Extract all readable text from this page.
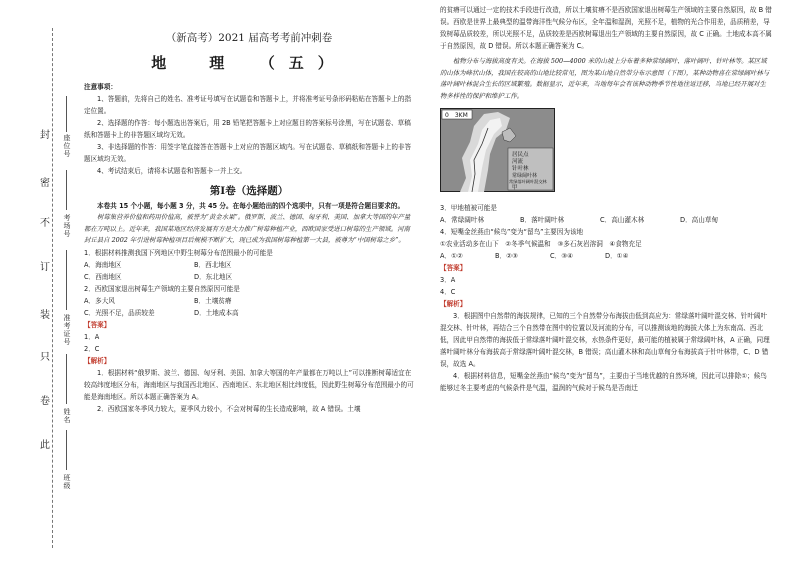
封
密
不
订
装
只
卷
此
座位号
考场号
准考证号
姓名
班级
（新高考）2021 届高考考前冲刺卷
地　理　（五）

注意事项：

1、答题前，先将自己的姓名、准考证号填写在试题卷和答题卡上，并将准考证号条形码粘贴在答题卡上的指定位置。

2、选择题的作答：每小题选出答案后，用 2B 铅笔把答题卡上对应题目的答案标号涂黑，写在试题卷、草稿纸和答题卡上的非答题区域均无效。

3、非选择题的作答：用签字笔直接答在答题卡上对应的答题区域内。写在试题卷、草稿纸和答题卡上的非答题区域均无效。

4、考试结束后，请将本试题卷和答题卡一并上交。

第Ⅰ卷（选择题）

本卷共 15 个小题，每小题 3 分，共 45 分。在每小题给出的四个选项中，只有一项是符合题目要求的。

树莓集营养价值和药用价值高，被誉为“黄金水果”。俄罗斯、波兰、德国、匈牙利、美国、加拿大等国的年产量都在万吨以上。近年来，我国某地区经济发展有方是大力推广树莓种植产业，西欧国家受进口树莓的生产领域。河南封丘县自 2002 年引进树莓种植项目后规模不断扩大，现已成为我国树莓种植第一大县，被尊为“中国树莓之乡”。

1．根据材料推测我国下列地区中野生树莓分布范围最小的可能是

A．海南地区	B．西北地区
C．西南地区	D．东北地区

2．西欧国家退出树莓生产领域的主要自然原因可能是

A．多大风	B．土壤贫瘠
C．光照不足，品质较差	D．土地成本高

【答案】

1．A

2．C

【解析】

1．根据材料“俄罗斯、波兰、德国、匈牙利、美国、加拿大等国的年产量都在万吨以上”可以推断树莓适宜在较高纬度地区分布，海南地区与我国西北地区、西南地区、东北地区相比纬度低，因此野生树莓分布范围最小的可能是海南地区。所以本题正确答案为 A。

2．西欧国家冬季风力较大，夏季风力较小，不会对树莓的生长造成影响，故 A 错误。土壤

的贫瘠可以通过一定的技术手段进行改造，所以土壤贫瘠不是西欧国家退出树莓生产领域的主要自然原因，故 B 错误。西欧是世界上最典型的温带海洋性气候分布区，全年温和湿润，光照不足，植物的光合作用差，品质稍差，导致树莓品质较差，所以光照不足，品质较差是西欧树莓退出生产领域的主要自然原因，故 C 正确。土地成本高不属于自然原因，故 D 错误。所以本题正确答案为 C。

植物分布与海拔高度有关。在海拔 500—4000 米的山坡上分布着多种常绿阔叶、落叶阔叶、针叶林等。某区域的山体为峰状山体，我国在较高的山地比较常见，图为某山地自然带分布示意图（下图），某种动物喜在常绿阔叶林与落叶阔叶林混合生长的区域繁殖。数据显示，近年来，当地每年会有该种动物季节性地往返迁移，当地已经开展对生物多样性的保护和维护工作。

0　3KM
居民点
河流
针叶林
常绿阔叶林
常绿落叶阔叶混交林
甲

3．甲地植被可能是

A．常绿阔叶林	B．落叶阔叶林	C．高山灌木林	D．高山草甸

4．短嘴金丝燕由“候鸟”变为“留鸟”主要因为该地

①农业活动多在山下　②冬季气候温和　③多石灰岩溶洞　④食物充足

A．①②	B．②③	C．③④	D．①④

【答案】

3．A

4．C

【解析】

3．根据图中自然带的海拔规律，已知的三个自然带分布海拔由低到高应为：常绿落叶阔叶混交林、针叶阔叶混交林、针叶林，再结合三个自然带在图中的位置以及河流的分布，可以推测该地的海拔大体上为东南高、西北低，因此甲自然带的海拔低于常绿落叶阔叶混交林，水热条件更好，最可能的植被属于常绿阔叶林，A 正确，同理落叶阔叶林分布海拔高于常绿落叶阔叶混交林，B 错误；高山灌木林和高山草甸分布海拔高于针叶林带，C、D 错误，故选 A。

4．根据材料信息，短嘴金丝燕由“候鸟”变为“留鸟”，主要由于当地优越的自然环境，因此可以排除①；候鸟能够过冬主要考虑的气候条件是气温，温润的气候对于候鸟是否南迁
